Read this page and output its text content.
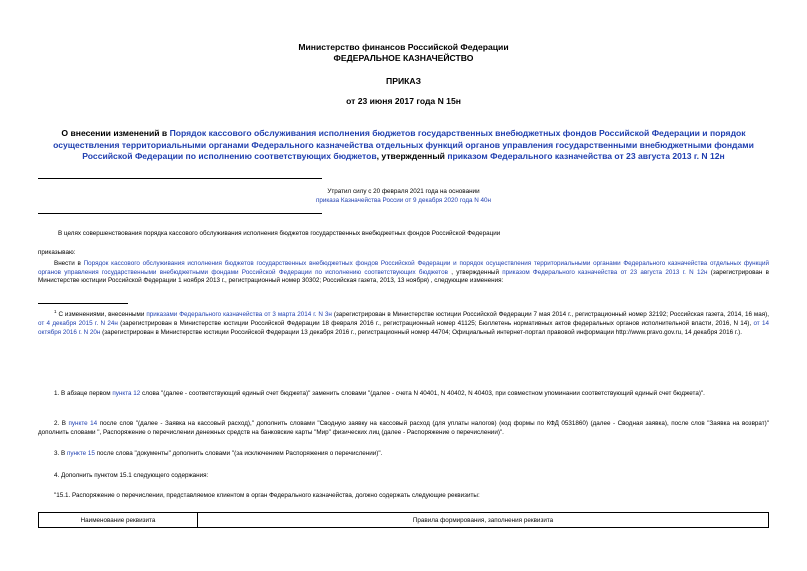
Министерство финансов Российской Федерации
ФЕДЕРАЛЬНОЕ КАЗНАЧЕЙСТВО
ПРИКАЗ
от 23 июня 2017 года N 15н
О внесении изменений в Порядок кассового обслуживания исполнения бюджетов государственных внебюджетных фондов Российской Федерации и порядок осуществления территориальными органами Федерального казначейства отдельных функций органов управления государственными внебюджетными фондами Российской Федерации по исполнению соответствующих бюджетов, утвержденный приказом Федерального казначейства от 23 августа 2013 г. N 12н
Утратил силу с 20 февраля 2021 года на основании
приказа Казначейства России от 9 декабря 2020 года N 40н
В целях совершенствования порядка кассового обслуживания исполнения бюджетов государственных внебюджетных фондов Российской Федерации
приказываю:
Внести в Порядок кассового обслуживания исполнения бюджетов государственных внебюджетных фондов Российской Федерации и порядок осуществления территориальными органами Федерального казначейства отдельных функций органов управления государственными внебюджетными фондами Российской Федерации по исполнению соответствующих бюджетов , утвержденный приказом Федерального казначейства от 23 августа 2013 г. N 12н (зарегистрирован в Министерстве юстиции Российской Федерации 1 ноября 2013 г., регистрационный номер 30302; Российская газета, 2013, 13 ноября) , следующие изменения:
$^1$ С изменениями, внесенными приказами Федерального казначейства от 3 марта 2014 г. N 3н (зарегистрирован в Министерстве юстиции Российской Федерации 7 мая 2014 г., регистрационный номер 32192; Российская газета, 2014, 16 мая), от 4 декабря 2015 г. N 24н (зарегистрирован в Министерстве юстиции Российской Федерации 18 февраля 2016 г., регистрационный номер 41125; Бюллетень нормативных актов федеральных органов исполнительной власти, 2016, N 14), от 14 октября 2016 г. N 20н (зарегистрирован в Министерстве юстиции Российской Федерации 13 декабря 2016 г., регистрационный номер 44704; Официальный интернет-портал правовой информации http://www.pravo.gov.ru, 14 декабря 2016 г.).
1. В абзаце первом пункта 12 слова "(далее - соответствующий единый счет бюджета)" заменить словами "(далее - счета N 40401, N 40402, N 40403, при совместном упоминании соответствующий единый счет бюджета)".
2. В пункте 14 после слов "(далее - Заявка на кассовый расход)," дополнить словами "Сводную заявку на кассовый расход (для уплаты налогов) (код формы по КФД 0531860) (далее - Сводная заявка), после слов "Заявка на возврат)" дополнить словами ", Распоряжение о перечислении денежных средств на банковские карты "Мир" физических лиц (далее - Распоряжение о перечислении)".
3. В пункте 15 после слова "документы" дополнить словами "(за исключением Распоряжения о перечислении)".
4. Дополнить пунктом 15.1 следующего содержания:
"15.1. Распоряжение о перечислении, представляемое клиентом в орган Федерального казначейства, должно содержать следующие реквизиты:
Наименование реквизита	Правила формирования, заполнения реквизита
